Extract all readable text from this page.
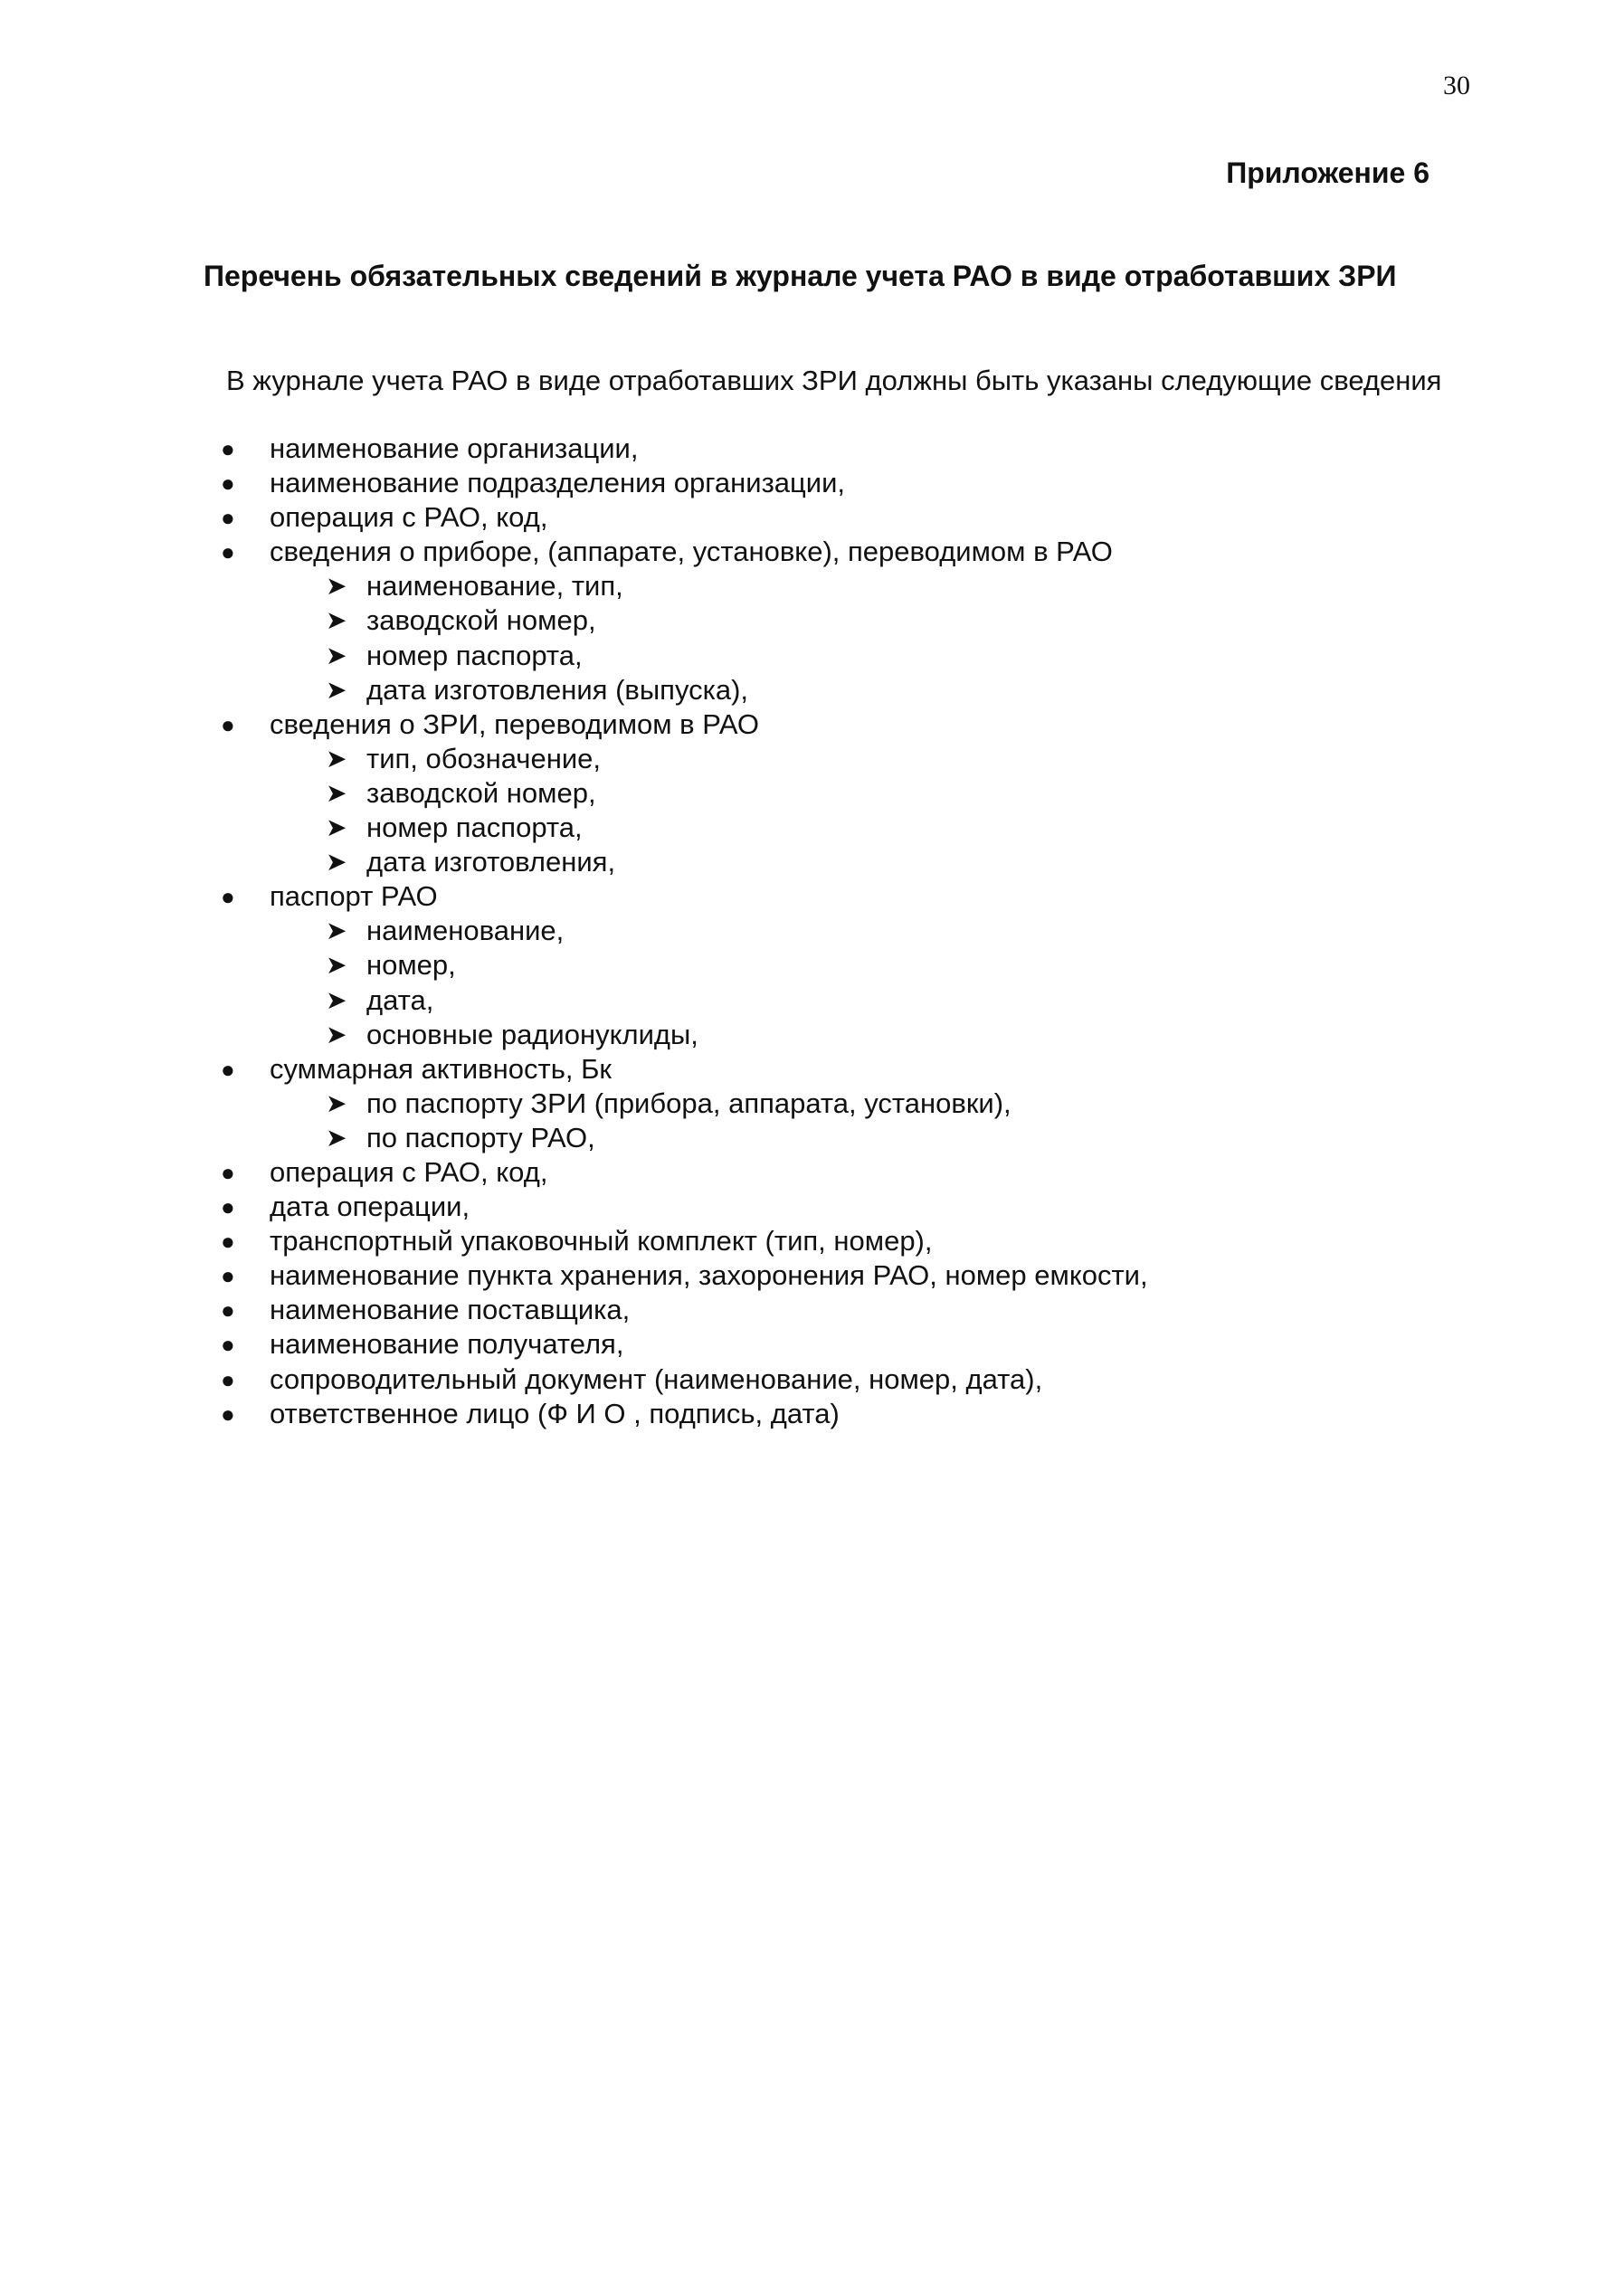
30
Приложение 6
Перечень обязательных сведений в журнале учета РАО в виде отработавших ЗРИ
В журнале учета РАО в виде отработавших ЗРИ должны быть указаны следующие сведения
● наименование организации,
● наименование подразделения организации,
● операция с РАО, код,
● сведения о приборе, (аппарате, установке), переводимом в РАО
➤ наименование, тип,
➤ заводской номер,
➤ номер паспорта,
➤ дата изготовления (выпуска),
● сведения о ЗРИ, переводимом в РАО
➤ тип, обозначение,
➤ заводской номер,
➤ номер паспорта,
➤ дата изготовления,
● паспорт РАО
➤ наименование,
➤ номер,
➤ дата,
➤ основные радионуклиды,
● суммарная активность, Бк
➤ по паспорту ЗРИ (прибора, аппарата, установки),
➤ по паспорту РАО,
● операция с РАО, код,
● дата операции,
● транспортный упаковочный комплект (тип, номер),
● наименование пункта хранения, захоронения РАО, номер емкости,
● наименование поставщика,
● наименование получателя,
● сопроводительный документ (наименование, номер, дата),
● ответственное лицо (Ф И О , подпись, дата)
